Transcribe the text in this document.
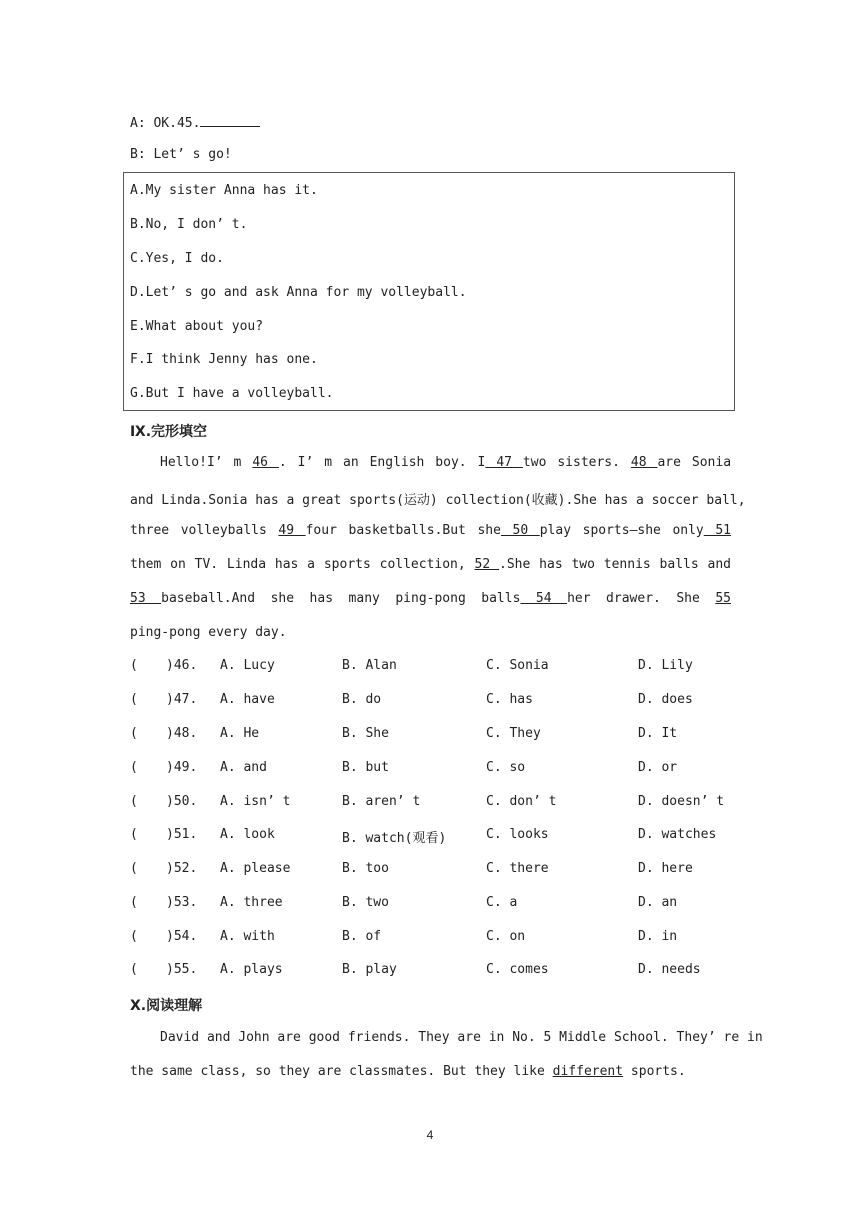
A: OK.45.
B: Let’ s go!
A.My sister Anna has it.
B.No, I don’ t.
C.Yes, I do.
D.Let’ s go and ask Anna for my volleyball.
E.What about you?
F.I think Jenny has one.
G.But I have a volleyball.
Ⅸ.完形填空
Hello!I’ m 46 . I’ m an English boy. I 47 two sisters. 48 are Sonia
and Linda.Sonia has a great sports(运动) collection(收藏).She has a soccer ball,
three volleyballs 49 four basketballs.But she 50 play sports—she only 51
them on TV. Linda has a sports collection, 52 .She has two tennis balls and
53 baseball.And she has many ping-pong balls 54 her drawer. She 55
ping-pong every day.
( )46. A. Lucy	B. Alan	C. Sonia	D. Lily
( )47. A. have	B. do	C. has	D. does
( )48. A. He	B. She	C. They	D. It
( )49. A. and	B. but	C. so	D. or
( )50. A. isn’ t	B. aren’ t	C. don’ t	D. doesn’ t
( )51. A. look	B. watch(观看)	C. looks	D. watches
( )52. A. please	B. too	C. there	D. here
( )53. A. three	B. two	C. a	D. an
( )54. A. with	B. of	C. on	D. in
( )55. A. plays	B. play	C. comes	D. needs
Ⅹ.阅读理解
David and John are good friends. They are in No. 5 Middle School. They’ re in
the same class, so they are classmates. But they like different sports.
4
